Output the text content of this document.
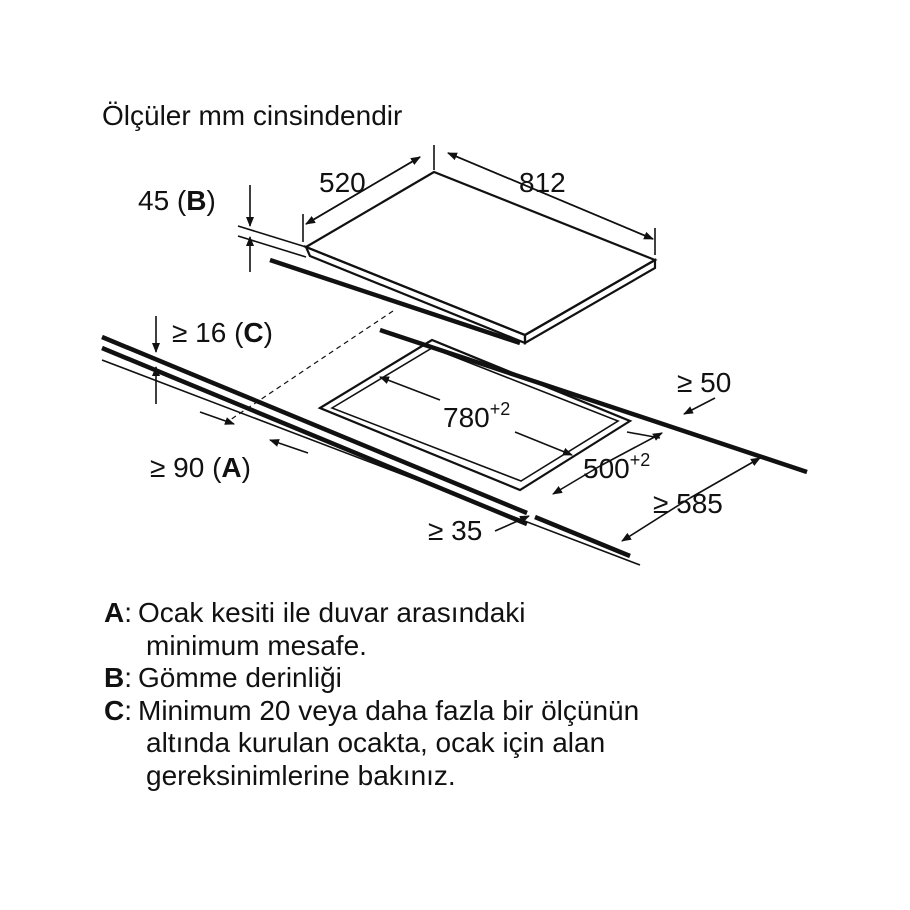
Ölçüler mm cinsindendir
520	812
45 (B)
≥ 16 (C)
≥ 90 (A)
$780^{+2}$
$500^{+2}$
≥ 50
≥ 585
≥ 35
A : Ocak kesiti ile duvar arasındaki
minimum mesafe.
B : Gömme derinliği
C : Minimum 20 veya daha fazla bir ölçünün
altında kurulan ocakta, ocak için alan
gereksinimlerine bakınız.
